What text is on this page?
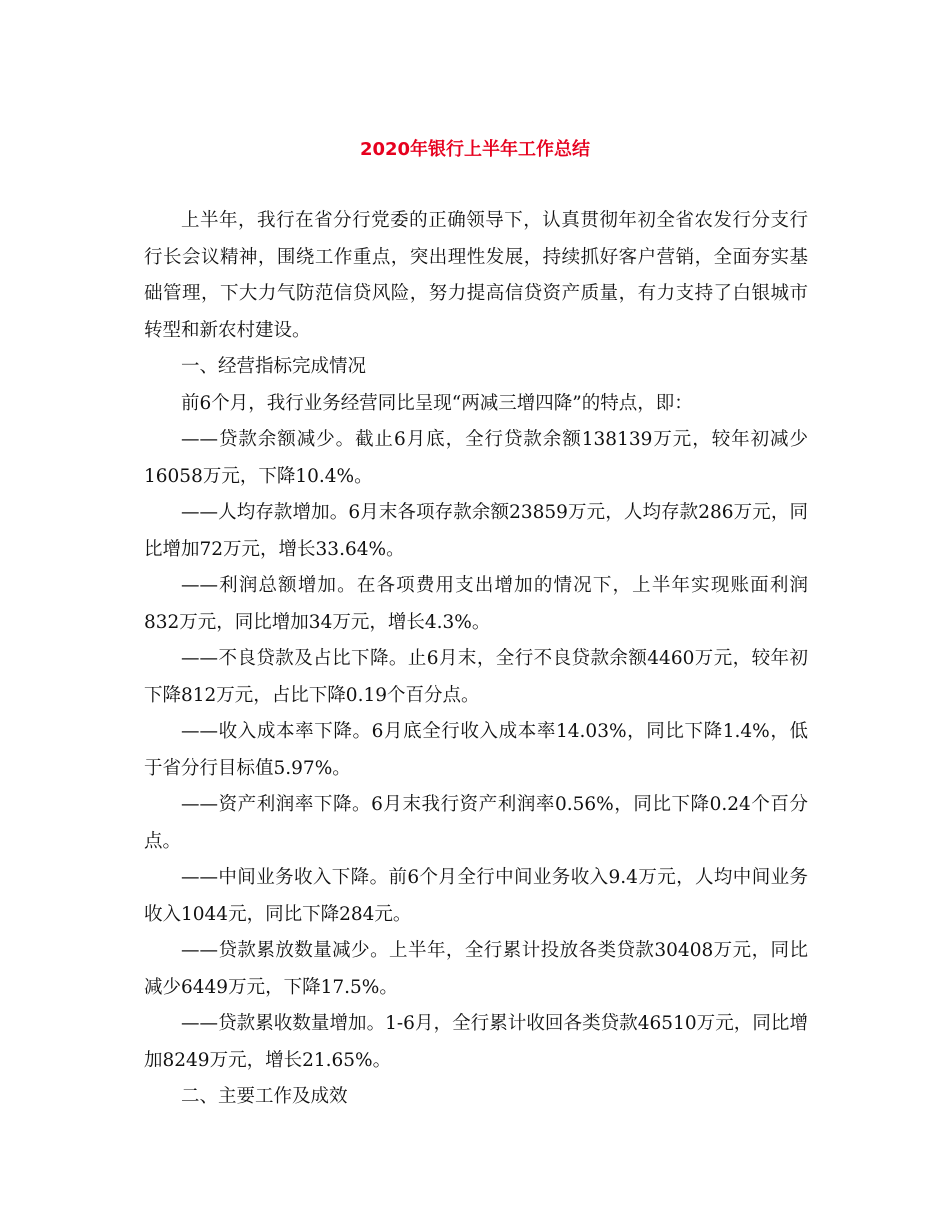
2020年银行上半年工作总结

上半年，我行在省分行党委的正确领导下，认真贯彻年初全省农发行分支行行长会议精神，围绕工作重点，突出理性发展，持续抓好客户营销，全面夯实基础管理，下大力气防范信贷风险，努力提高信贷资产质量，有力支持了白银城市转型和新农村建设。

一、经营指标完成情况

前6个月，我行业务经营同比呈现“两减三增四降”的特点，即：

——贷款余额减少。截止6月底，全行贷款余额138139万元，较年初减少16058万元，下降10.4%。

——人均存款增加。6月末各项存款余额23859万元，人均存款286万元，同比增加72万元，增长33.64%。

——利润总额增加。在各项费用支出增加的情况下，上半年实现账面利润832万元，同比增加34万元，增长4.3%。

——不良贷款及占比下降。止6月末，全行不良贷款余额4460万元，较年初下降812万元，占比下降0.19个百分点。

——收入成本率下降。6月底全行收入成本率14.03%，同比下降1.4%，低于省分行目标值5.97%。

——资产利润率下降。6月末我行资产利润率0.56%，同比下降0.24个百分点。

——中间业务收入下降。前6个月全行中间业务收入9.4万元，人均中间业务收入1044元，同比下降284元。

——贷款累放数量减少。上半年，全行累计投放各类贷款30408万元，同比减少6449万元，下降17.5%。

——贷款累收数量增加。1-6月，全行累计收回各类贷款46510万元，同比增加8249万元，增长21.65%。

二、主要工作及成效
